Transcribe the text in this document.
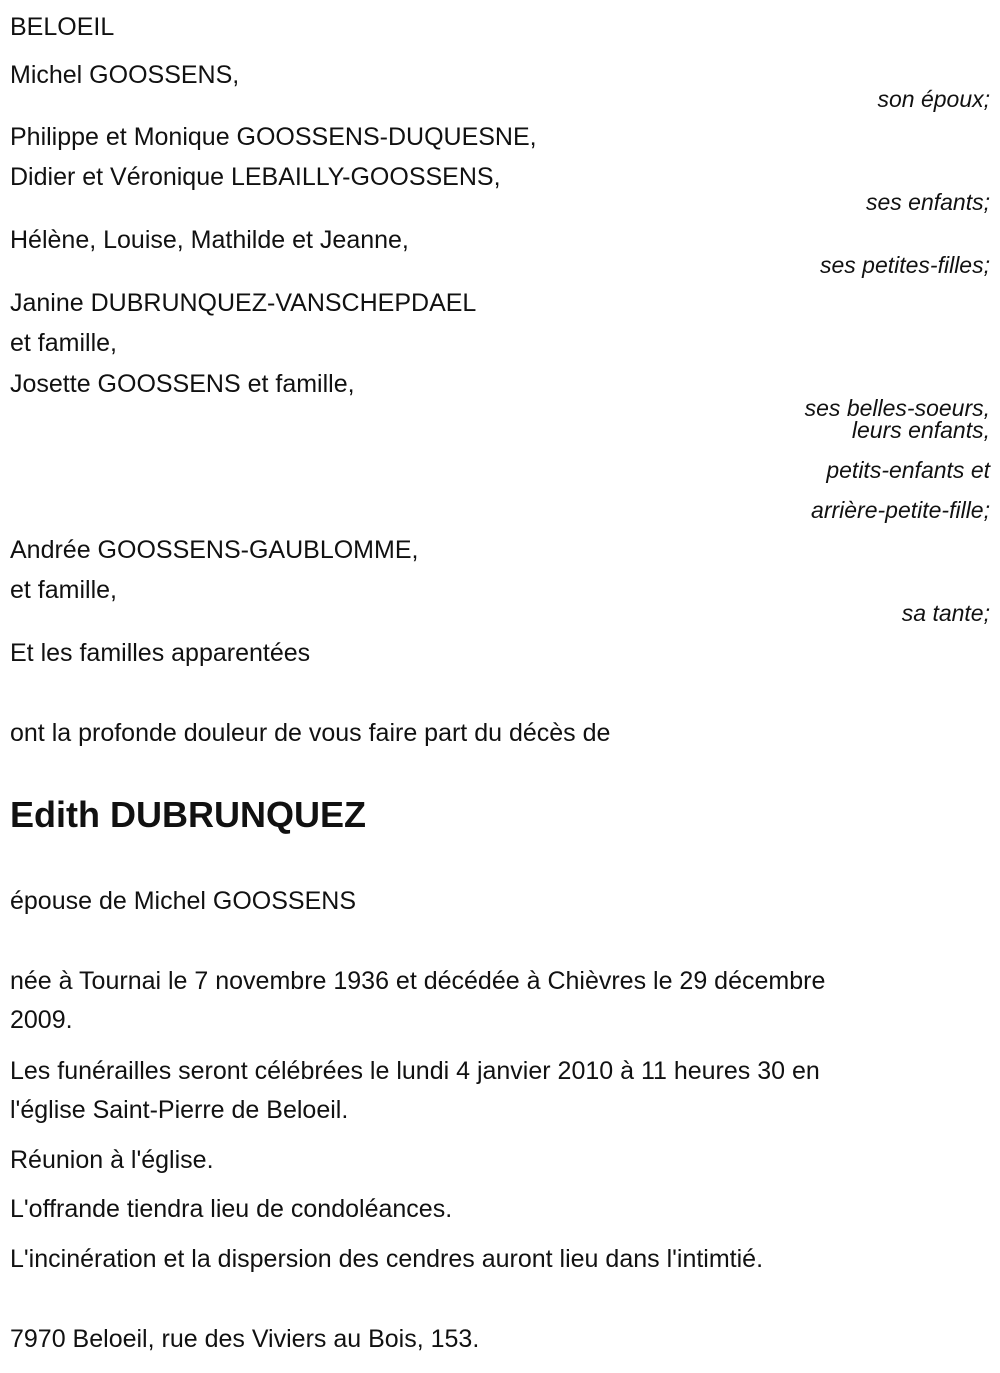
BELOEIL
Michel GOOSSENS,
son époux;
Philippe et Monique GOOSSENS-DUQUESNE,
Didier et Véronique LEBAILLY-GOOSSENS,
ses enfants;
Hélène, Louise, Mathilde et Jeanne,
ses petites-filles;
Janine DUBRUNQUEZ-VANSCHEPDAEL
et famille,
Josette GOOSSENS et famille,
ses belles-soeurs,
leurs enfants,
petits-enfants et
arrière-petite-fille;
Andrée GOOSSENS-GAUBLOMME,
et famille,
sa tante;
Et les familles apparentées
ont la profonde douleur de vous faire part du décès de
Edith DUBRUNQUEZ
épouse de Michel GOOSSENS
née à Tournai le 7 novembre 1936 et décédée à Chièvres le 29 décembre
2009.
Les funérailles seront célébrées le lundi 4 janvier 2010 à 11 heures 30 en
l'église Saint-Pierre de Beloeil.
Réunion à l'église.
L'offrande tiendra lieu de condoléances.
L'incinération et la dispersion des cendres auront lieu dans l'intimtié.
7970 Beloeil, rue des Viviers au Bois, 153.
